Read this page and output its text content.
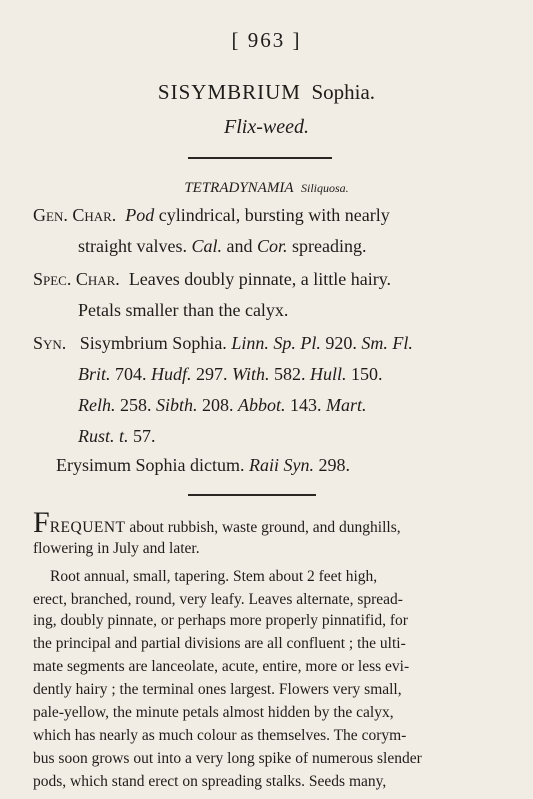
[ 963 ]
SISYMBRIUM Sophia.
Flix-weed.
TETRADYNAMIA Siliquosa.
Gen. Char. Pod cylindrical, bursting with nearly
straight valves. Cal. and Cor. spreading.
Spec. Char. Leaves doubly pinnate, a little hairy.
Petals smaller than the calyx.
Syn. Sisymbrium Sophia. Linn. Sp. Pl. 920. Sm. Fl.
Brit. 704. Hudf. 297. With. 582. Hull. 150.
Relh. 258. Sibth. 208. Abbot. 143. Mart.
Rust. t. 57.
Erysimum Sophia dictum. Raii Syn. 298.
FREQUENT about rubbish, waste ground, and dunghills,
flowering in July and later.
Root annual, small, tapering. Stem about 2 feet high,
erect, branched, round, very leafy. Leaves alternate, spread-
ing, doubly pinnate, or perhaps more properly pinnatifid, for
the principal and partial divisions are all confluent ; the ulti-
mate segments are lanceolate, acute, entire, more or less evi-
dently hairy ; the terminal ones largest. Flowers very small,
pale-yellow, the minute petals almost hidden by the calyx,
which has nearly as much colour as themselves. The corym-
bus soon grows out into a very long spike of numerous slender
pods, which stand erect on spreading stalks. Seeds many,
